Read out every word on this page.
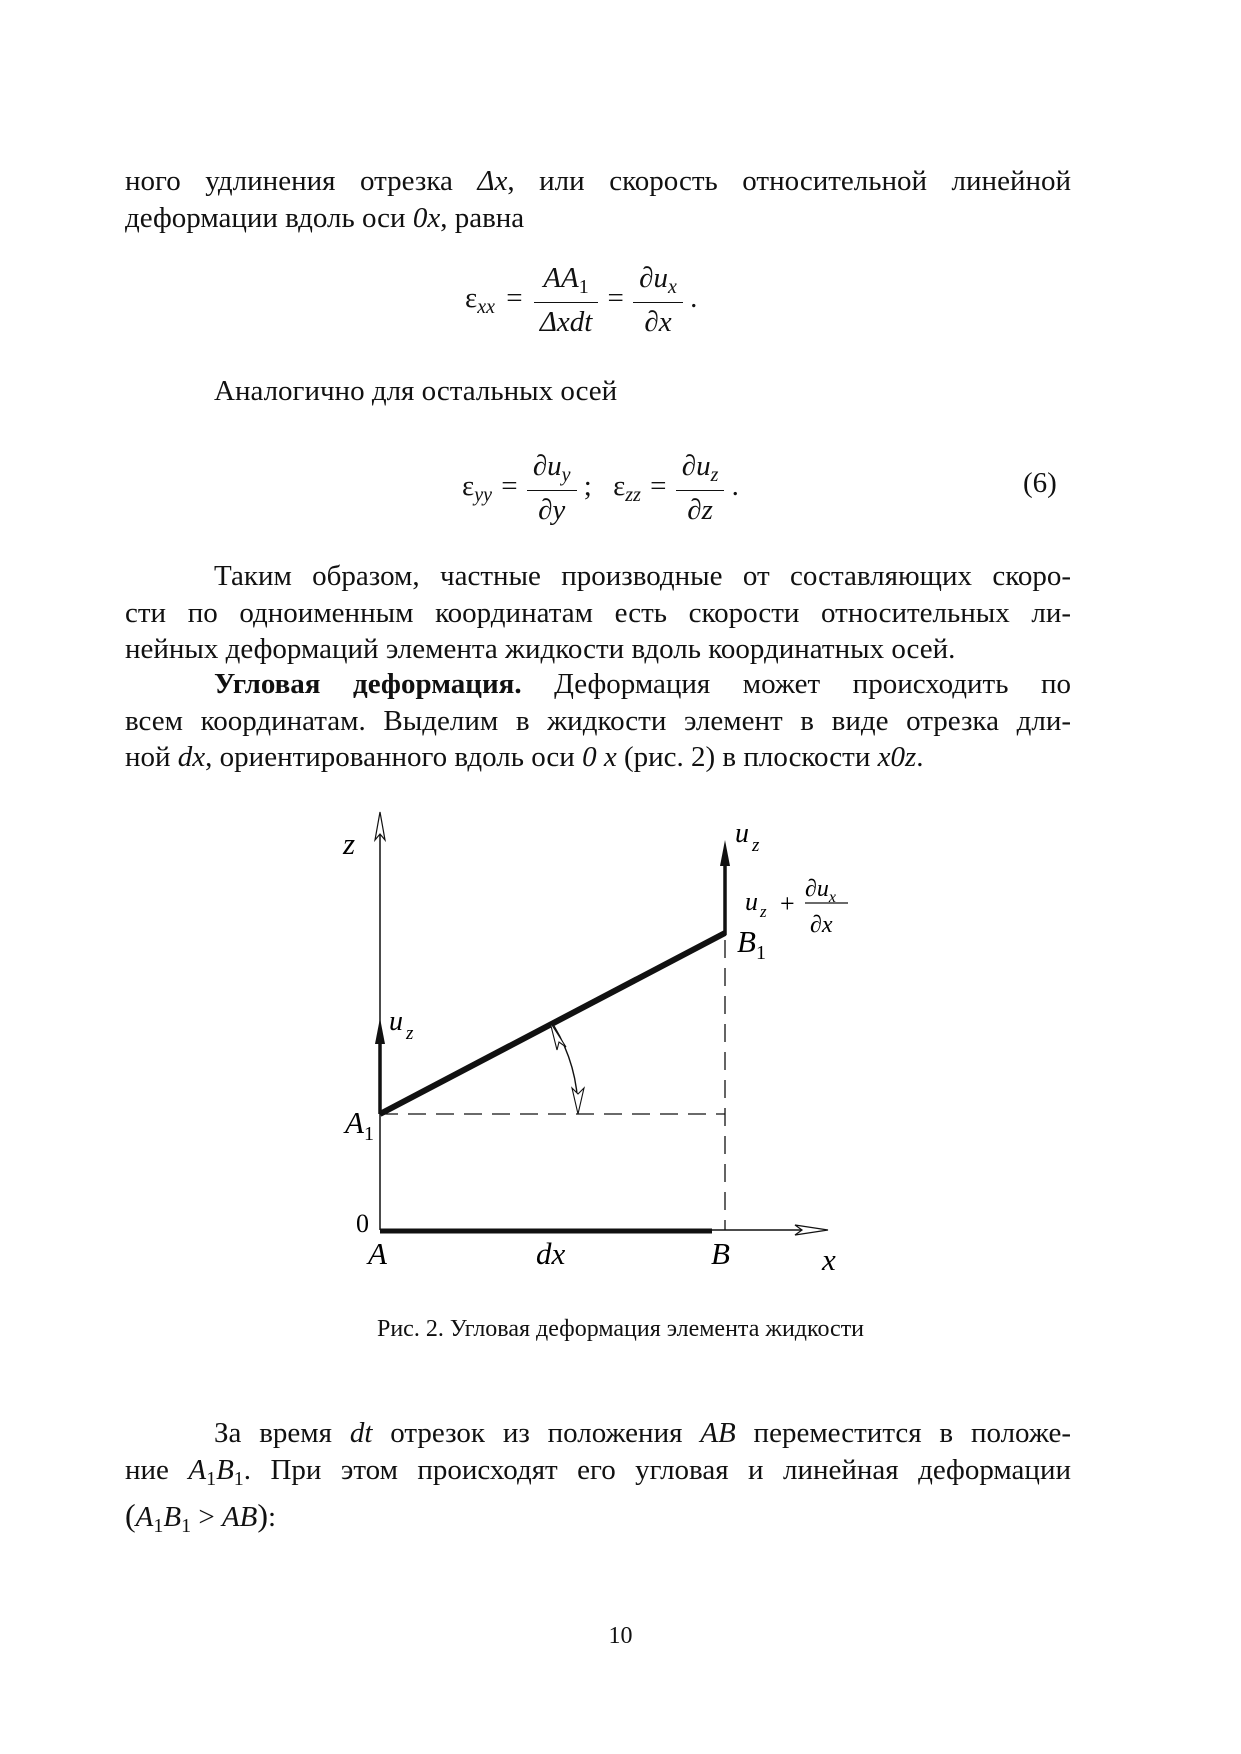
ного удлинения отрезка Δx, или скорость относительной линейной
деформации вдоль оси 0x, равна
$\varepsilon_{xx} = \frac{AA_1}{\text{Δxdt}} = \frac{\partial u_x}{\partial x}$ .
Аналогично для остальных осей
$\varepsilon_{yy} = \frac{\partial u_y}{\partial y}$ ; $\varepsilon_{zz} = \frac{\partial u_z}{\partial z}$ .	(6)
Таким образом, частные производные от составляющих скоро-
сти по одноименным координатам есть скорости относительных ли-
нейных деформаций элемента жидкости вдоль координатных осей.
Угловая деформация. Деформация может происходить по
всем координатам. Выделим в жидкости элемент в виде отрезка дли-
ной dx, ориентированного вдоль оси 0 x (рис. 2) в плоскости x0z.
z
x
0
A	B
dx
$A_1$
$B_1$
u $_z$
u $_z$
u $_z + \partial u_x$
∂x
Рис. 2. Угловая деформация элемента жидкости
За время dt отрезок из положения AB переместится в положе-
ние $A_1B_1$. При этом происходят его угловая и линейная деформации
$(A_1B_1 > AB)$:
10
